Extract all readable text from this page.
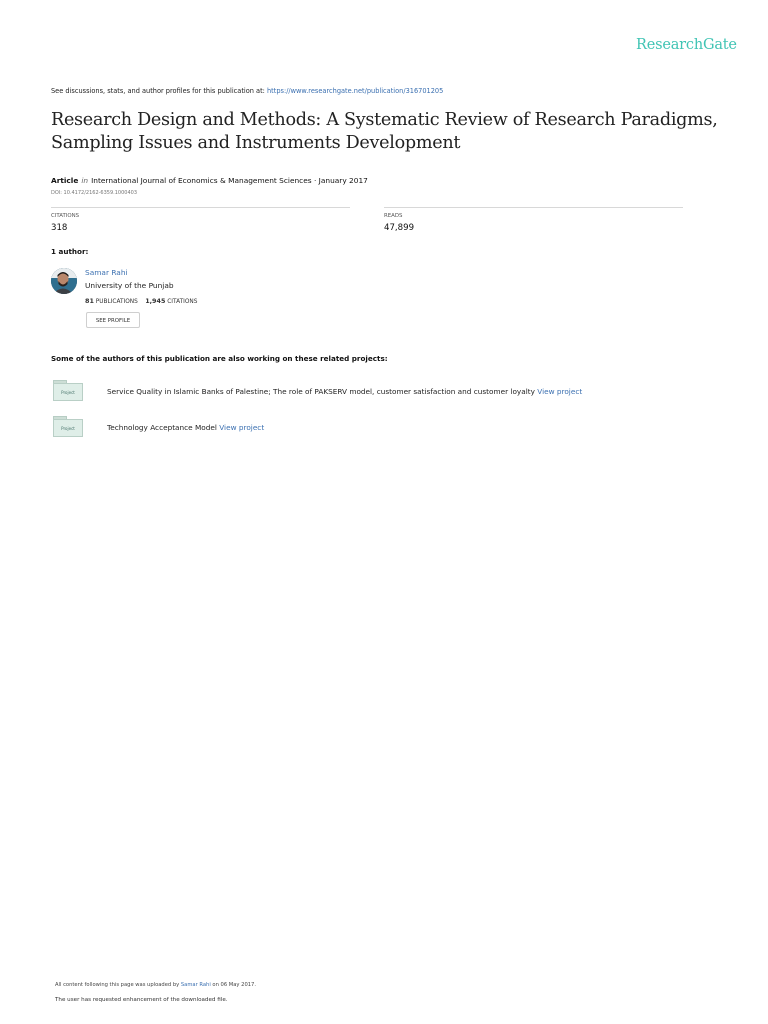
ResearchGate
See discussions, stats, and author profiles for this publication at: https://www.researchgate.net/publication/316701205
Research Design and Methods: A Systematic Review of Research Paradigms, Sampling Issues and Instruments Development
Article in International Journal of Economics & Management Sciences · January 2017
DOI: 10.4172/2162-6359.1000403
CITATIONS
318
READS
47,899
1 author:
Samar Rahi
University of the Punjab
81 PUBLICATIONS 1,945 CITATIONS
SEE PROFILE
Some of the authors of this publication are also working on these related projects:
Project	Service Quality in Islamic Banks of Palestine; The role of PAKSERV model, customer satisfaction and customer loyalty View project
Project	Technology Acceptance Model View project
All content following this page was uploaded by Samar Rahi on 06 May 2017.
The user has requested enhancement of the downloaded file.
